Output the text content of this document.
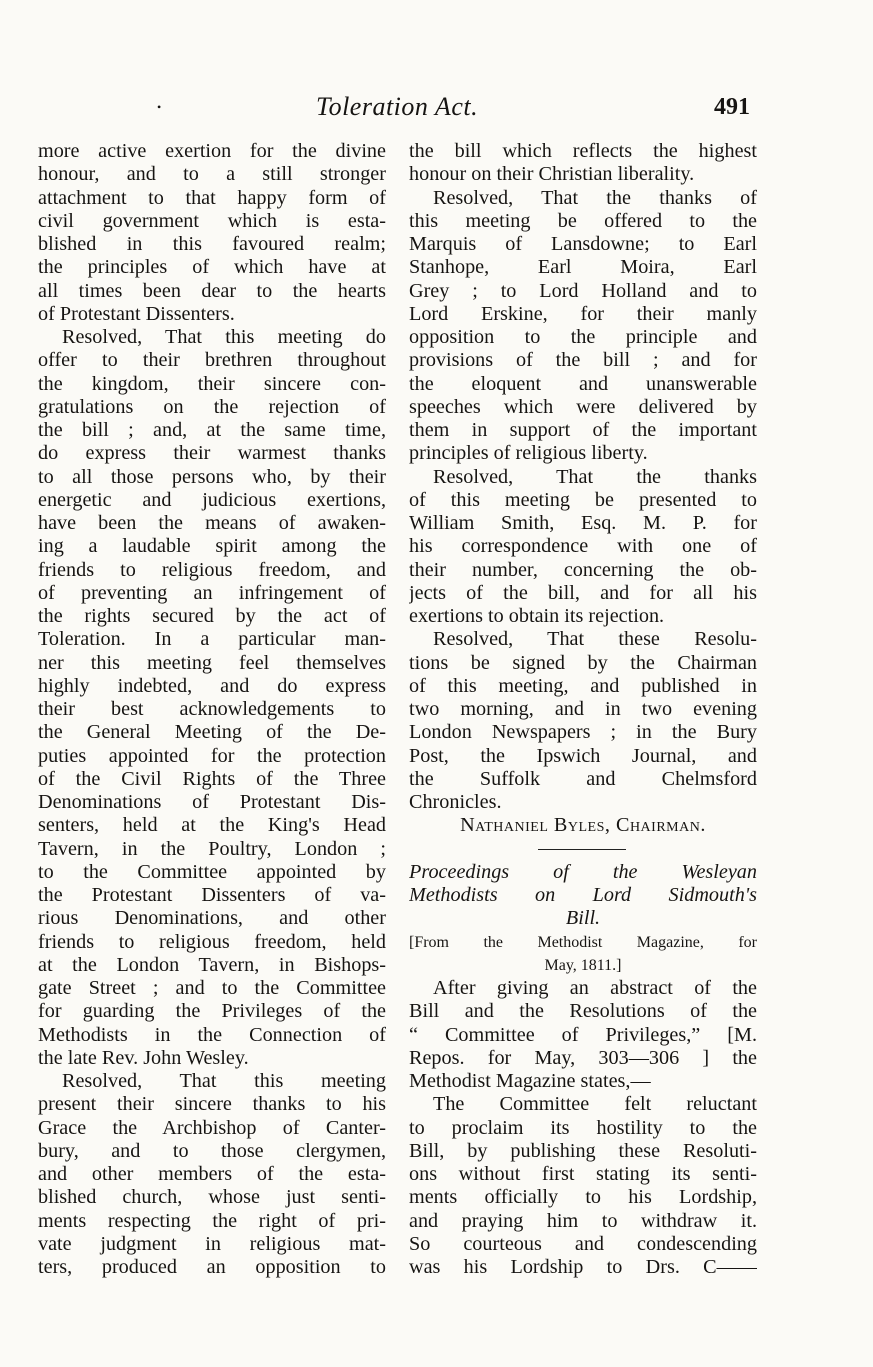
•	Toleration Act.	491

more active exertion for the divine

honour, and to a still stronger

attachment to that happy form of

civil government which is esta-

blished in this favoured realm;

the principles of which have at

all times been dear to the hearts

of Protestant Dissenters.

Resolved, That this meeting do

offer to their brethren throughout

the kingdom, their sincere con-

gratulations on the rejection of

the bill ; and, at the same time,

do express their warmest thanks

to all those persons who, by their

energetic and judicious exertions,

have been the means of awaken-

ing a laudable spirit among the

friends to religious freedom, and

of preventing an infringement of

the rights secured by the act of

Toleration. In a particular man-

ner this meeting feel themselves

highly indebted, and do express

their best acknowledgements to

the General Meeting of the De-

puties appointed for the protection

of the Civil Rights of the Three

Denominations of Protestant Dis-

senters, held at the King's Head

Tavern, in the Poultry, London ;

to the Committee appointed by

the Protestant Dissenters of va-

rious Denominations, and other

friends to religious freedom, held

at the London Tavern, in Bishops-

gate Street ; and to the Committee

for guarding the Privileges of the

Methodists in the Connection of

the late Rev. John Wesley.

Resolved, That this meeting

present their sincere thanks to his

Grace the Archbishop of Canter-

bury, and to those clergymen,

and other members of the esta-

blished church, whose just senti-

ments respecting the right of pri-

vate judgment in religious mat-

ters, produced an opposition to

the bill which reflects the highest

honour on their Christian liberality.

Resolved, That the thanks of

this meeting be offered to the

Marquis of Lansdowne; to Earl

Stanhope, Earl Moira, Earl

Grey ; to Lord Holland and to

Lord Erskine, for their manly

opposition to the principle and

provisions of the bill ; and for

the eloquent and unanswerable

speeches which were delivered by

them in support of the important

principles of religious liberty.

Resolved, That the thanks

of this meeting be presented to

William Smith, Esq. M. P. for

his correspondence with one of

their number, concerning the ob-

jects of the bill, and for all his

exertions to obtain its rejection.

Resolved, That these Resolu-

tions be signed by the Chairman

of this meeting, and published in

two morning, and in two evening

London Newspapers ; in the Bury

Post, the Ipswich Journal, and

the Suffolk and Chelmsford

Chronicles.

Nathaniel Byles, Chairman.

Proceedings of the Wesleyan

Methodists on Lord Sidmouth's

Bill.

[From the Methodist Magazine, for

May, 1811.]

After giving an abstract of the

Bill and the Resolutions of the

“ Committee of Privileges,” [M.

Repos. for May, 303—306 ] the

Methodist Magazine states,—

The Committee felt reluctant

to proclaim its hostility to the

Bill, by publishing these Resoluti-

ons without first stating its senti-

ments officially to his Lordship,

and praying him to withdraw it.

So courteous and condescending

was his Lordship to Drs. C——
